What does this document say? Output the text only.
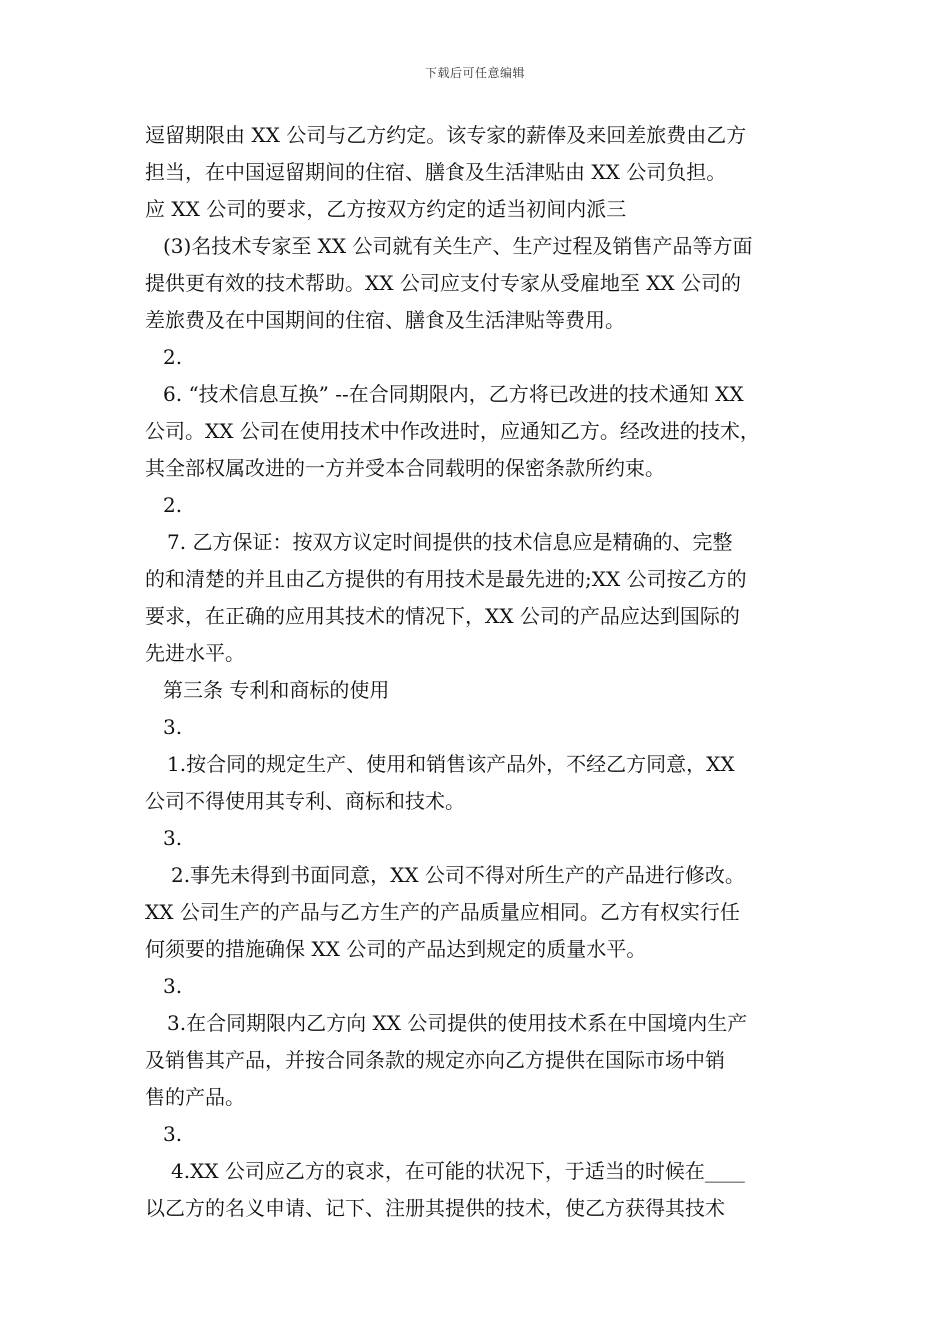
下载后可任意编辑
逗留期限由 XX 公司与乙方约定。该专家的薪俸及来回差旅费由乙方
担当，在中国逗留期间的住宿、膳食及生活津贴由 XX 公司负担。
应 XX 公司的要求，乙方按双方约定的适当初间内派三
(3)名技术专家至 XX 公司就有关生产、生产过程及销售产品等方面
提供更有效的技术帮助。XX 公司应支付专家从受雇地至 XX 公司的
差旅费及在中国期间的住宿、膳食及生活津贴等费用。
2.
6. “技术信息互换” --在合同期限内，乙方将已改进的技术通知 XX
公司。XX 公司在使用技术中作改进时，应通知乙方。经改进的技术，
其全部权属改进的一方并受本合同载明的保密条款所约束。
2.
7. 乙方保证：按双方议定时间提供的技术信息应是精确的、完整
的和清楚的并且由乙方提供的有用技术是最先进的;XX 公司按乙方的
要求，在正确的应用其技术的情况下，XX 公司的产品应达到国际的
先进水平。
第三条 专利和商标的使用
3.
1.按合同的规定生产、使用和销售该产品外，不经乙方同意，XX
公司不得使用其专利、商标和技术。
3.
2.事先未得到书面同意，XX 公司不得对所生产的产品进行修改。
XX 公司生产的产品与乙方生产的产品质量应相同。乙方有权实行任
何须要的措施确保 XX 公司的产品达到规定的质量水平。
3.
3.在合同期限内乙方向 XX 公司提供的使用技术系在中国境内生产
及销售其产品，并按合同条款的规定亦向乙方提供在国际市场中销
售的产品。
3.
4.XX 公司应乙方的哀求，在可能的状况下，于适当的时候在____
以乙方的名义申请、记下、注册其提供的技术，使乙方获得其技术
